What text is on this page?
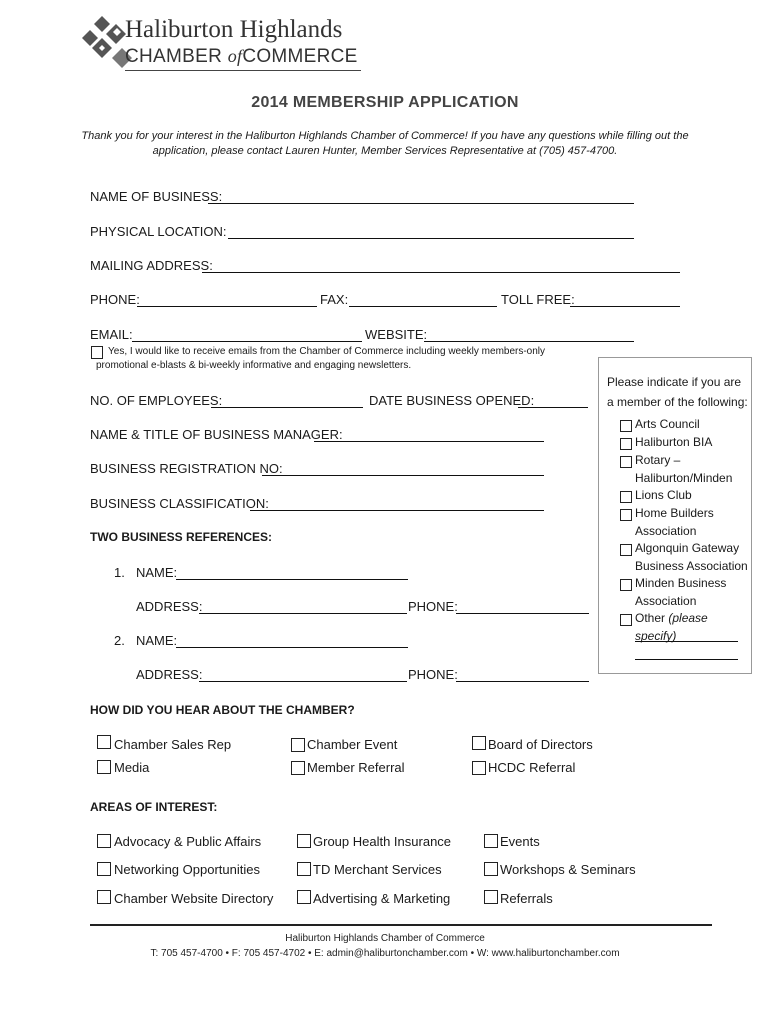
Haliburton Highlands
CHAMBER ofCOMMERCE
2014 MEMBERSHIP APPLICATION
Thank you for your interest in the Haliburton Highlands Chamber of Commerce! If you have any questions while filling out the
application, please contact Lauren Hunter, Member Services Representative at (705) 457-4700.
NAME OF BUSINESS:
PHYSICAL LOCATION:
MAILING ADDRESS:
PHONE:	FAX:	TOLL FREE:
EMAIL:	WEBSITE:
Yes, I would like to receive emails from the Chamber of Commerce including weekly members-only
promotional e-blasts & bi-weekly informative and engaging newsletters.
NO. OF EMPLOYEES:	DATE BUSINESS OPENED:
NAME & TITLE OF BUSINESS MANAGER:
BUSINESS REGISTRATION NO:
BUSINESS CLASSIFICATION:
TWO BUSINESS REFERENCES:
1. NAME:
ADDRESS:	PHONE:
2. NAME:
ADDRESS:	PHONE:
Please indicate if you are
a member of the following:
Arts Council
Haliburton BIA
Rotary –
Haliburton/Minden
Lions Club
Home Builders
Association
Algonquin Gateway
Business Association
Minden Business
Association
Other (please specify)
HOW DID YOU HEAR ABOUT THE CHAMBER?
Chamber Sales Rep	Chamber Event	Board of Directors
Media	Member Referral	HCDC Referral
AREAS OF INTEREST:
Advocacy & Public Affairs	Group Health Insurance	Events
Networking Opportunities	TD Merchant Services	Workshops & Seminars
Chamber Website Directory	Advertising & Marketing	Referrals
Haliburton Highlands Chamber of Commerce
T: 705 457-4700 • F: 705 457-4702 • E: admin@haliburtonchamber.com • W: www.haliburtonchamber.com
